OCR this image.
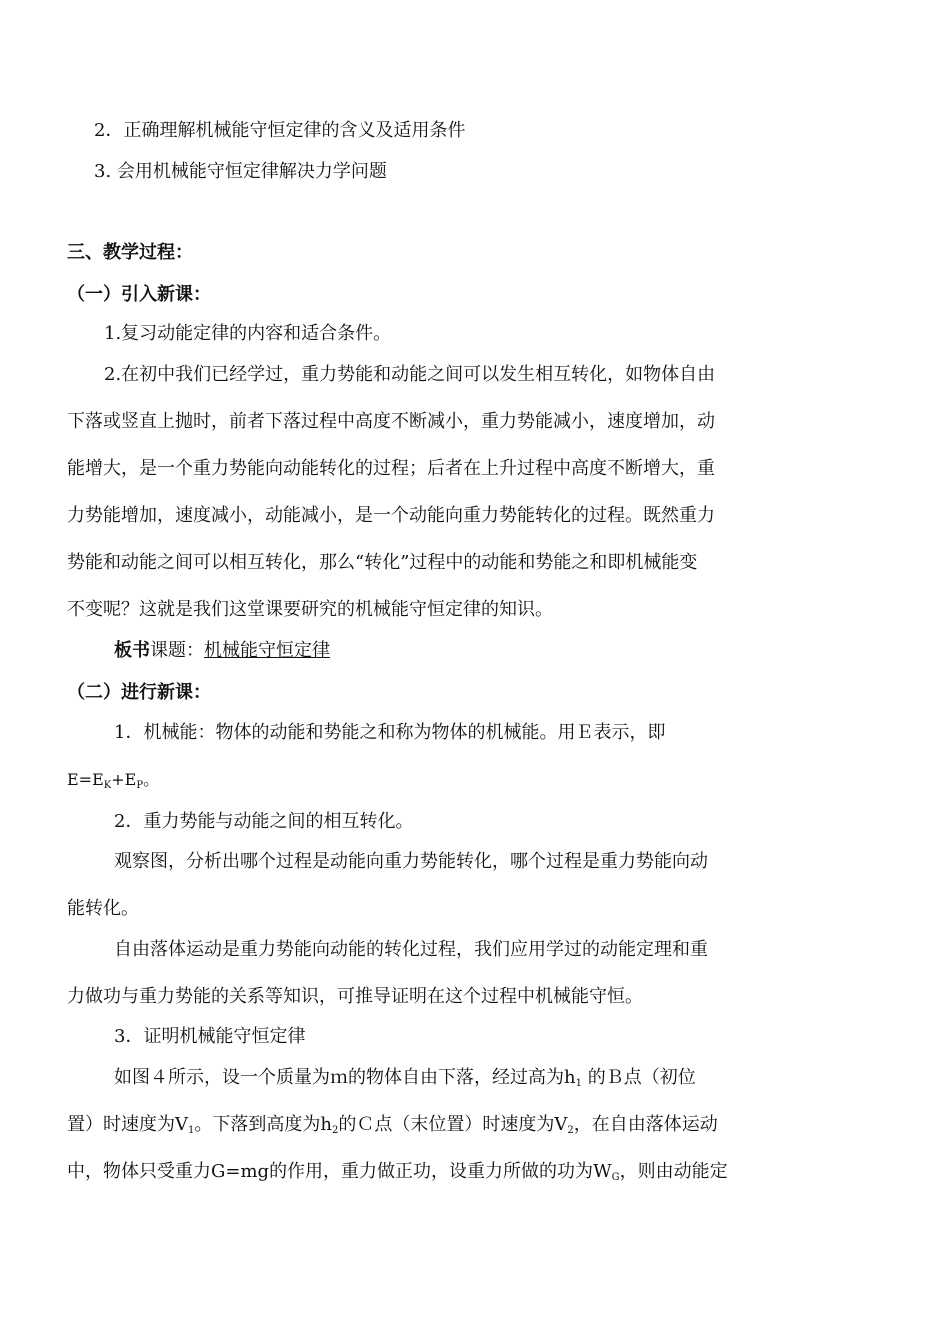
2．正确理解机械能守恒定律的含义及适用条件
3. 会用机械能守恒定律解决力学问题
三、教学过程：
（一）引入新课：
1.复习动能定律的内容和适合条件。
2.在初中我们已经学过，重力势能和动能之间可以发生相互转化，如物体自由
下落或竖直上抛时，前者下落过程中高度不断减小，重力势能减小，速度增加，动
能增大，是一个重力势能向动能转化的过程；后者在上升过程中高度不断增大，重
力势能增加，速度减小，动能减小，是一个动能向重力势能转化的过程。既然重力
势能和动能之间可以相互转化，那么“转化”过程中的动能和势能之和即机械能变
不变呢？这就是我们这堂课要研究的机械能守恒定律的知识。
板书课题：机械能守恒定律
（二）进行新课：
1．机械能：物体的动能和势能之和称为物体的机械能。用Ｅ表示，即
$E=E_K+E_P$。
2．重力势能与动能之间的相互转化。
观察图，分析出哪个过程是动能向重力势能转化，哪个过程是重力势能向动
能转化。
自由落体运动是重力势能向动能的转化过程，我们应用学过的动能定理和重
力做功与重力势能的关系等知识，可推导证明在这个过程中机械能守恒。
3．证明机械能守恒定律
如图４所示，设一个质量为ｍ的物体自由下落，经过高为$h_1$ 的Ｂ点（初位
置）时速度为$V_1$。下落到高度为$h_2$的Ｃ点（末位置）时速度为$V_2$，在自由落体运动
中，物体只受重力G=mg的作用，重力做正功，设重力所做的功为$W_G$，则由动能定
